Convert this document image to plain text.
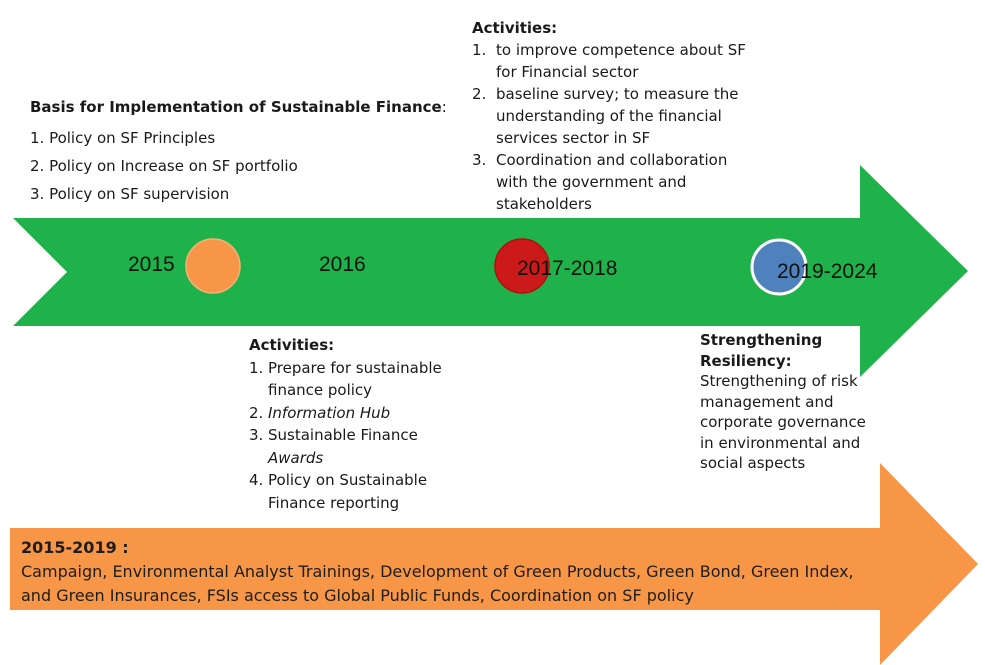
2015	2016	2017-2018	2019-2024
Basis for Implementation of Sustainable Finance:
1. Policy on SF Principles
2. Policy on Increase on SF portfolio
3. Policy on SF supervision
Activities:
1. to improve competence about SF
for Financial sector
2. baseline survey; to measure the
understanding of the financial
services sector in SF
3. Coordination and collaboration
with the government and
stakeholders
Activities:
1. Prepare for sustainable
finance policy
2. Information Hub
3. Sustainable Finance
Awards
4. Policy on Sustainable
Finance reporting
Strengthening
Resiliency:
Strengthening of risk
management and
corporate governance
in environmental and
social aspects
2015-2019 :
Campaign, Environmental Analyst Trainings, Development of Green Products, Green Bond, Green Index,
and Green Insurances, FSIs access to Global Public Funds, Coordination on SF policy
